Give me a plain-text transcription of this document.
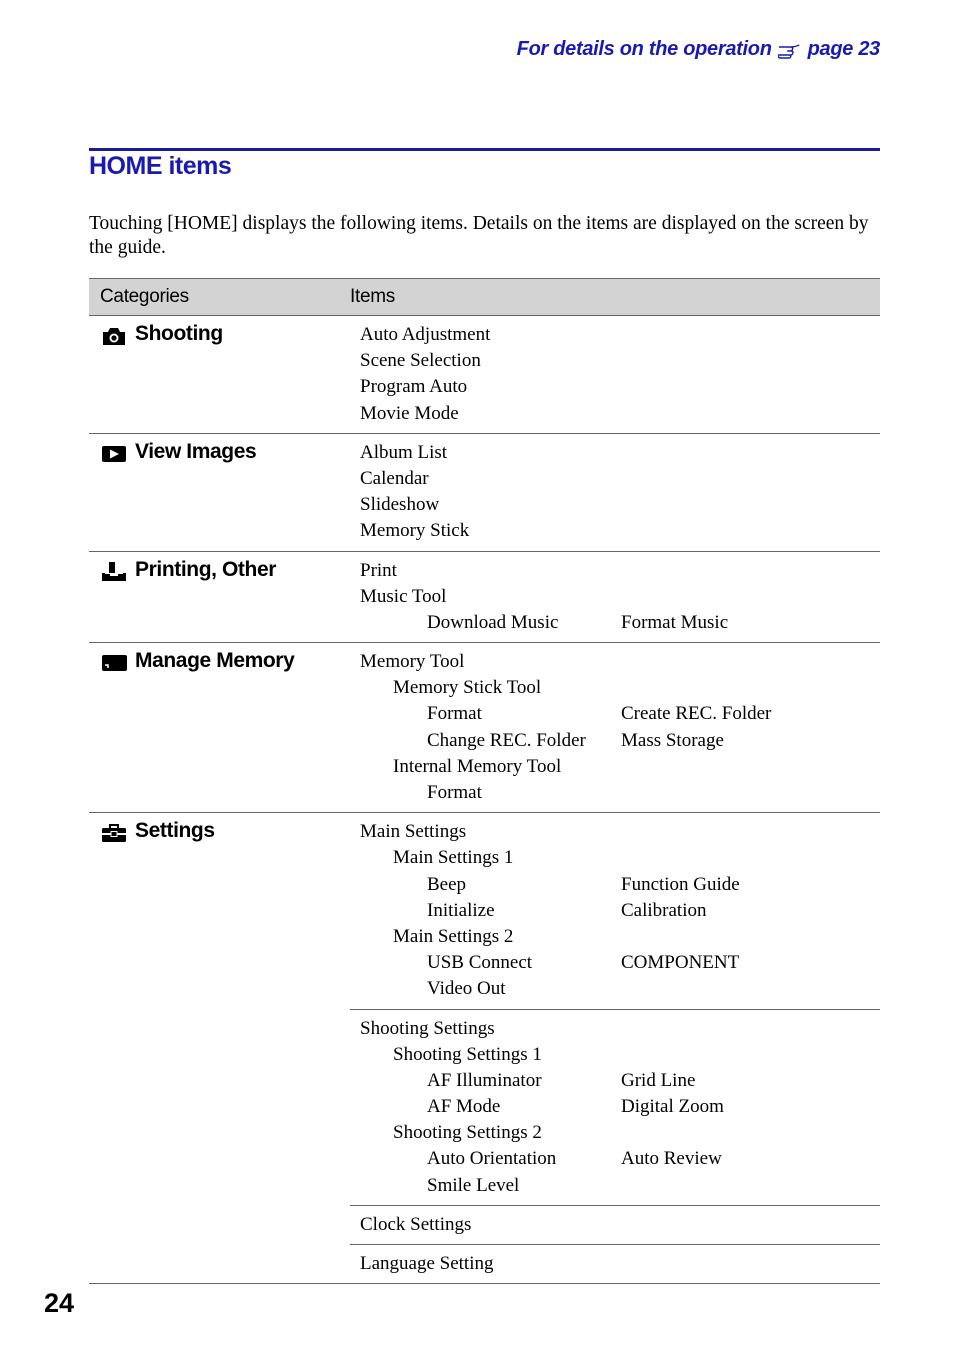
For details on the operation page 23
HOME items
Touching [HOME] displays the following items. Details on the items are displayed on the screen by the guide.
Categories	Items
Shooting	Auto Adjustment
Scene Selection
Program Auto
Movie Mode
View Images	Album List
Calendar
Slideshow
Memory Stick
Printing, Other	Print
Music Tool
Download Music	Format Music
Manage Memory	Memory Tool
Memory Stick Tool
Format	Create REC. Folder
Change REC. Folder	Mass Storage
Internal Memory Tool
Format
Settings	Main Settings
Main Settings 1
Beep	Function Guide
Initialize	Calibration
Main Settings 2
USB Connect	COMPONENT
Video Out
Shooting Settings
Shooting Settings 1
AF Illuminator	Grid Line
AF Mode	Digital Zoom
Shooting Settings 2
Auto Orientation	Auto Review
Smile Level
Clock Settings
Language Setting
24
